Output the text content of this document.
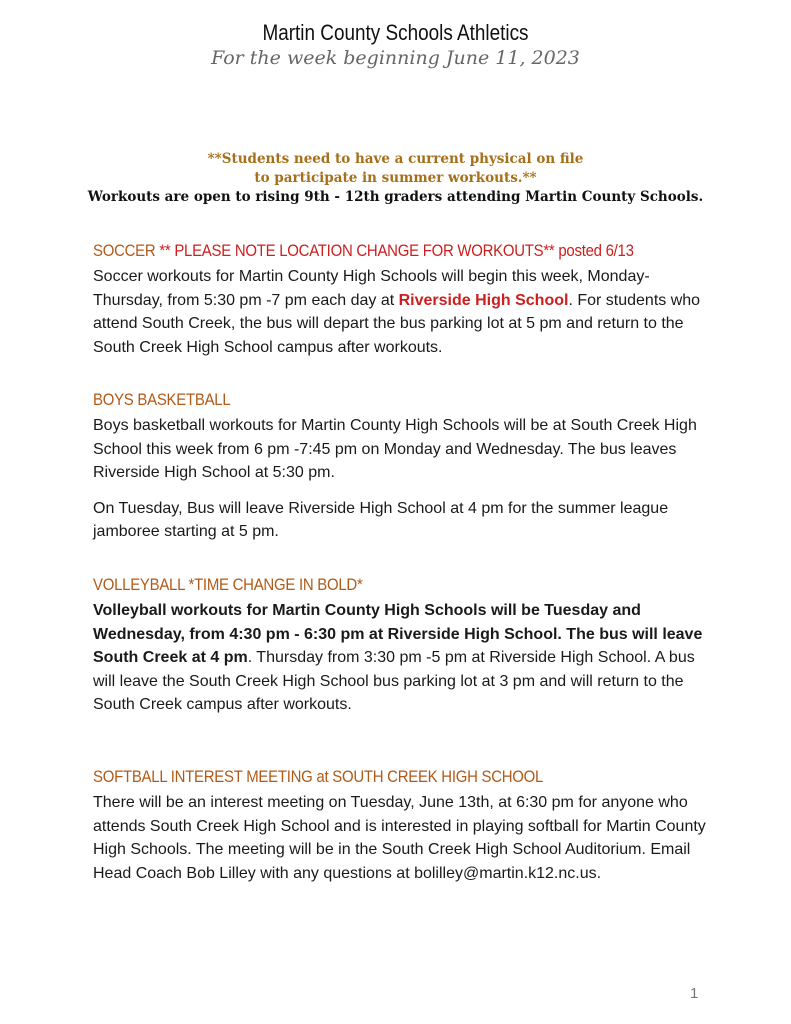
Martin County Schools Athletics
For the week beginning June 11, 2023
**Students need to have a current physical on file
to participate in summer workouts.**
Workouts are open to rising 9th - 12th graders attending Martin County Schools.
SOCCER ** PLEASE NOTE LOCATION CHANGE FOR WORKOUTS** posted 6/13

Soccer workouts for Martin County High Schools will begin this week, Monday-Thursday, from 5:30 pm -7 pm each day at Riverside High School. For students who attend South Creek, the bus will depart the bus parking lot at 5 pm and return to the South Creek High School campus after workouts.

BOYS BASKETBALL

Boys basketball workouts for Martin County High Schools will be at South Creek High School this week from 6 pm -7:45 pm on Monday and Wednesday. The bus leaves Riverside High School at 5:30 pm.

On Tuesday, Bus will leave Riverside High School at 4 pm for the summer league jamboree starting at 5 pm.

VOLLEYBALL *TIME CHANGE IN BOLD*

Volleyball workouts for Martin County High Schools will be Tuesday and Wednesday, from 4:30 pm - 6:30 pm at Riverside High School. The bus will leave South Creek at 4 pm. Thursday from 3:30 pm -5 pm at Riverside High School. A bus will leave the South Creek High School bus parking lot at 3 pm and will return to the South Creek campus after workouts.

SOFTBALL INTEREST MEETING at SOUTH CREEK HIGH SCHOOL

There will be an interest meeting on Tuesday, June 13th, at 6:30 pm for anyone who attends South Creek High School and is interested in playing softball for Martin County High Schools. The meeting will be in the South Creek High School Auditorium. Email Head Coach Bob Lilley with any questions at bolilley@martin.k12.nc.us.

1
